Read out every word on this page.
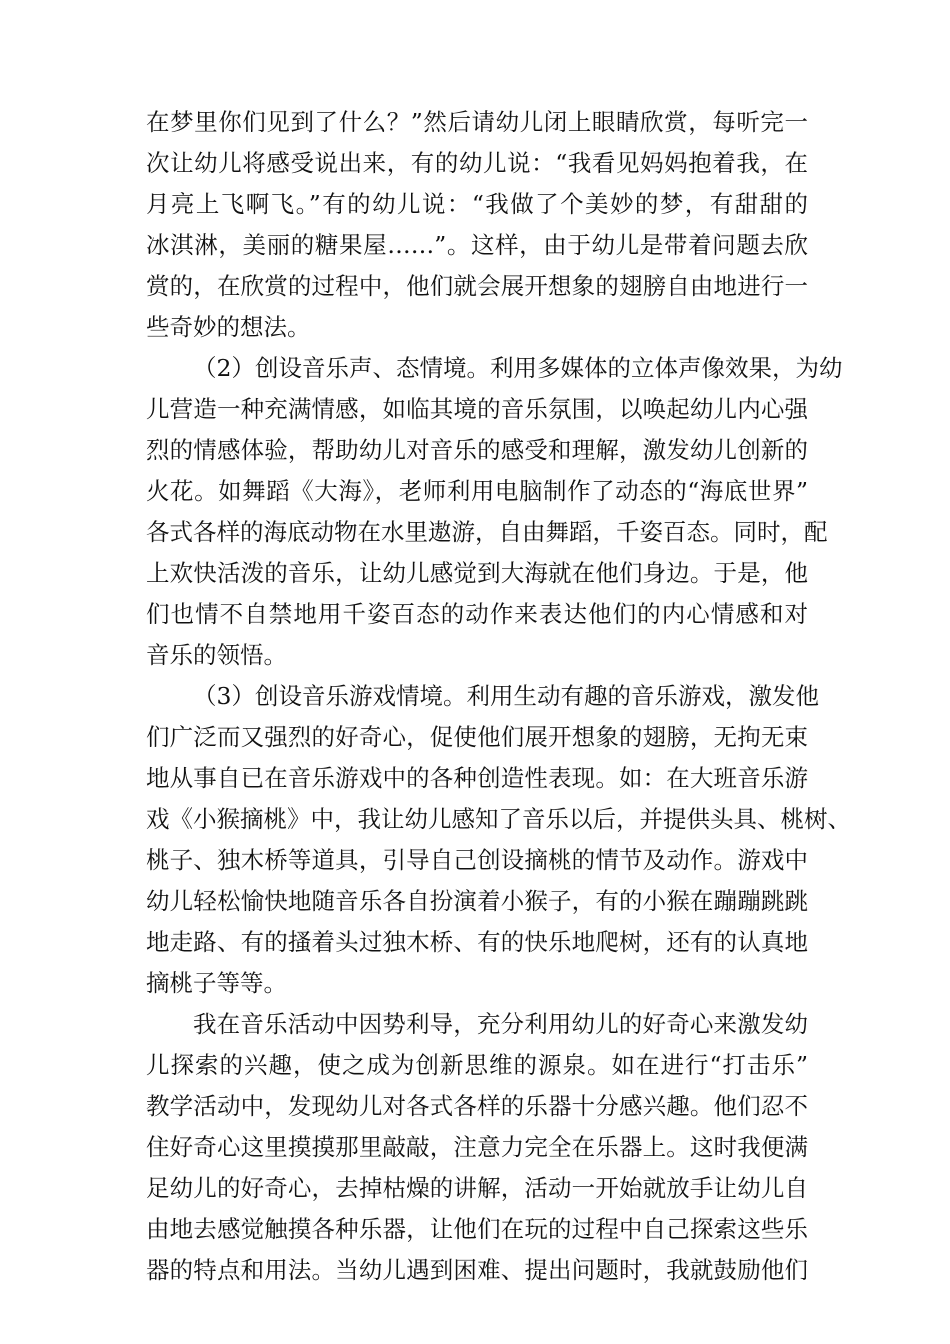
在梦里你们见到了什么？”然后请幼儿闭上眼睛欣赏，每听完一
次让幼儿将感受说出来，有的幼儿说：“我看见妈妈抱着我，在
月亮上飞啊飞。”有的幼儿说：“我做了个美妙的梦，有甜甜的
冰淇淋，美丽的糖果屋……”。这样，由于幼儿是带着问题去欣
赏的，在欣赏的过程中，他们就会展开想象的翅膀自由地进行一
些奇妙的想法。

（2）创设音乐声、态情境。利用多媒体的立体声像效果，为幼
儿营造一种充满情感，如临其境的音乐氛围，以唤起幼儿内心强
烈的情感体验，帮助幼儿对音乐的感受和理解，激发幼儿创新的
火花。如舞蹈《大海》，老师利用电脑制作了动态的“海底世界”
各式各样的海底动物在水里遨游，自由舞蹈，千姿百态。同时，配
上欢快活泼的音乐，让幼儿感觉到大海就在他们身边。于是，他
们也情不自禁地用千姿百态的动作来表达他们的内心情感和对
音乐的领悟。

（3）创设音乐游戏情境。利用生动有趣的音乐游戏，激发他
们广泛而又强烈的好奇心，促使他们展开想象的翅膀，无拘无束
地从事自已在音乐游戏中的各种创造性表现。如：在大班音乐游
戏《小猴摘桃》中，我让幼儿感知了音乐以后，并提供头具、桃树、
桃子、独木桥等道具，引导自己创设摘桃的情节及动作。游戏中
幼儿轻松愉快地随音乐各自扮演着小猴子，有的小猴在蹦蹦跳跳
地走路、有的搔着头过独木桥、有的快乐地爬树，还有的认真地
摘桃子等等。

我在音乐活动中因势利导，充分利用幼儿的好奇心来激发幼
儿探索的兴趣，使之成为创新思维的源泉。如在进行“打击乐”
教学活动中，发现幼儿对各式各样的乐器十分感兴趣。他们忍不
住好奇心这里摸摸那里敲敲，注意力完全在乐器上。这时我便满
足幼儿的好奇心，去掉枯燥的讲解，活动一开始就放手让幼儿自
由地去感觉触摸各种乐器，让他们在玩的过程中自己探索这些乐
器的特点和用法。当幼儿遇到困难、提出问题时，我就鼓励他们
